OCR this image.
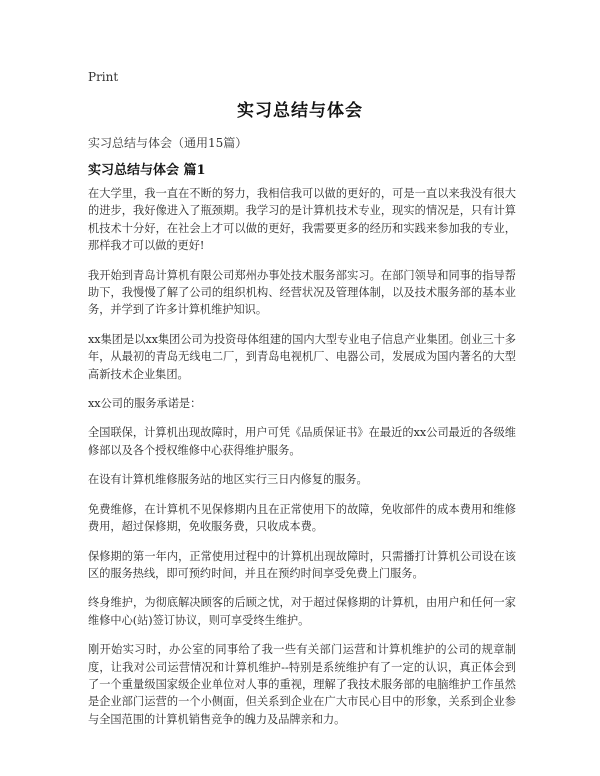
Print
实习总结与体会
实习总结与体会（通用15篇）
实习总结与体会 篇1

在大学里，我一直在不断的努力，我相信我可以做的更好的，可是一直以来我没有很大的进步，我好像进入了瓶颈期。我学习的是计算机技术专业，现实的情况是，只有计算机技术十分好，在社会上才可以做的更好，我需要更多的经历和实践来参加我的专业，那样我才可以做的更好!

我开始到青岛计算机有限公司郑州办事处技术服务部实习。在部门领导和同事的指导帮助下，我慢慢了解了公司的组织机构、经营状况及管理体制，以及技术服务部的基本业务，并学到了许多计算机维护知识。

xx集团是以xx集团公司为投资母体组建的国内大型专业电子信息产业集团。创业三十多年，从最初的青岛无线电二厂，到青岛电视机厂、电器公司，发展成为国内著名的大型高新技术企业集团。

xx公司的服务承诺是：

全国联保，计算机出现故障时，用户可凭《品质保证书》在最近的xx公司最近的各级维修部以及各个授权维修中心获得维护服务。

在设有计算机维修服务站的地区实行三日内修复的服务。

免费维修，在计算机不见保修期内且在正常使用下的故障，免收部件的成本费用和维修费用，超过保修期，免收服务费，只收成本费。

保修期的第一年内，正常使用过程中的计算机出现故障时，只需播打计算机公司设在该区的服务热线，即可预约时间，并且在预约时间享受免费上门服务。

终身维护，为彻底解决顾客的后顾之忧，对于超过保修期的计算机，由用户和任何一家维修中心(站)签订协议，则可享受终生维护。

刚开始实习时，办公室的同事给了我一些有关部门运营和计算机维护的公司的规章制度，让我对公司运营情况和计算机维护--特别是系统维护有了一定的认识，真正体会到了一个重量级国家级企业单位对人事的重视，理解了我技术服务部的电脑维护工作虽然是企业部门运营的一个小侧面，但关系到企业在广大市民心目中的形象，关系到企业参与全国范围的计算机销售竞争的魄力及品牌亲和力。
